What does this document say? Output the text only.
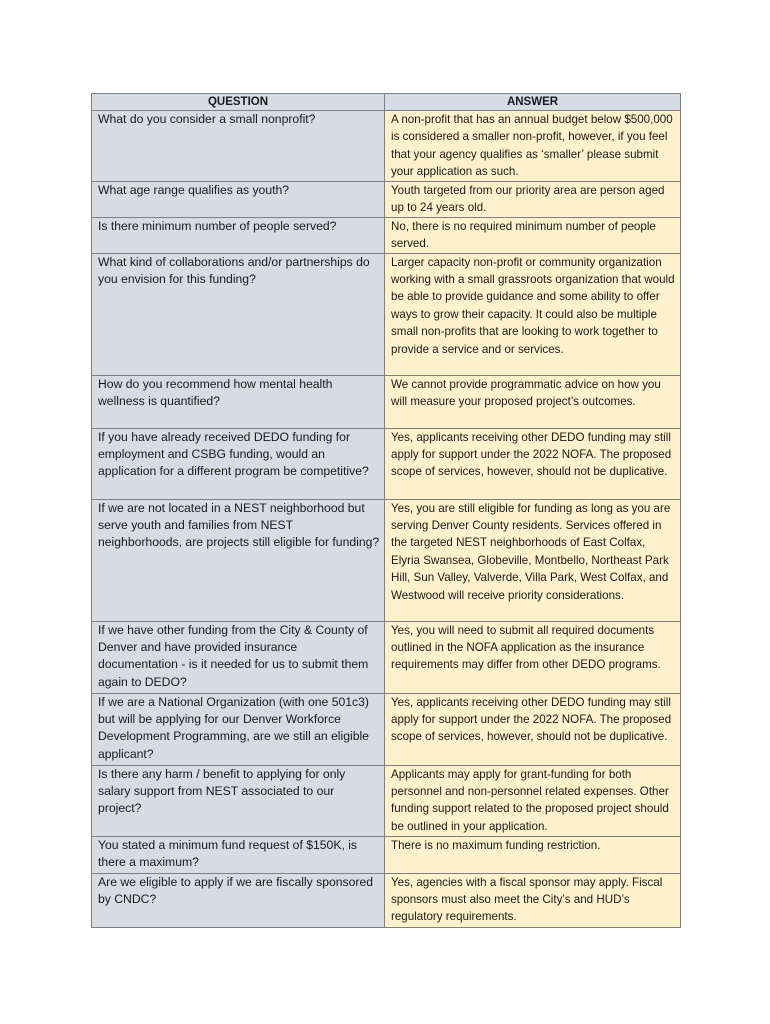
QUESTION	ANSWER
What do you consider a small nonprofit?	A non-profit that has an annual budget below $500,000 is considered a smaller non-profit, however, if you feel that your agency qualifies as ‘smaller’ please submit your application as such.
What age range qualifies as youth?	Youth targeted from our priority area are person aged up to 24 years old.
Is there minimum number of people served?	No, there is no required minimum number of people served.
What kind of collaborations and/or partnerships do you envision for this funding?	Larger capacity non-profit or community organization working with a small grassroots organization that would be able to provide guidance and some ability to offer ways to grow their capacity. It could also be multiple small non-profits that are looking to work together to provide a service and or services.
How do you recommend how mental health wellness is quantified?	We cannot provide programmatic advice on how you will measure your proposed project’s outcomes.
If you have already received DEDO funding for employment and CSBG funding, would an application for a different program be competitive?	Yes, applicants receiving other DEDO funding may still apply for support under the 2022 NOFA. The proposed scope of services, however, should not be duplicative.
If we are not located in a NEST neighborhood but serve youth and families from NEST neighborhoods, are projects still eligible for funding?	Yes, you are still eligible for funding as long as you are serving Denver County residents. Services offered in the targeted NEST neighborhoods of East Colfax, Elyria Swansea, Globeville, Montbello, Northeast Park Hill, Sun Valley, Valverde, Villa Park, West Colfax, and Westwood will receive priority considerations.
If we have other funding from the City & County of Denver and have provided insurance documentation - is it needed for us to submit them again to DEDO?	Yes, you will need to submit all required documents outlined in the NOFA application as the insurance requirements may differ from other DEDO programs.
If we are a National Organization (with one 501c3) but will be applying for our Denver Workforce Development Programming, are we still an eligible applicant?	Yes, applicants receiving other DEDO funding may still apply for support under the 2022 NOFA. The proposed scope of services, however, should not be duplicative.
Is there any harm / benefit to applying for only salary support from NEST associated to our project?	Applicants may apply for grant-funding for both personnel and non-personnel related expenses. Other funding support related to the proposed project should be outlined in your application.
You stated a minimum fund request of $150K, is there a maximum?	There is no maximum funding restriction.
Are we eligible to apply if we are fiscally sponsored by CNDC?	Yes, agencies with a fiscal sponsor may apply. Fiscal sponsors must also meet the City’s and HUD’s regulatory requirements.
